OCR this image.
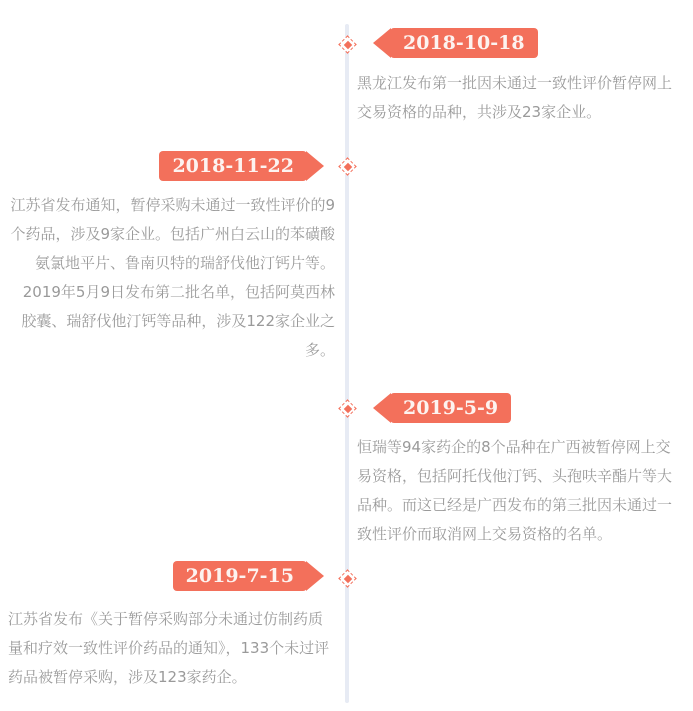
2018-10-18
黑龙江发布第一批因未通过一致性评价暂停网上交易资格的品种，共涉及23家企业。
2018-11-22
江苏省发布通知，暂停采购未通过一致性评价的9个药品，涉及9家企业。包括广州白云山的苯磺酸氨氯地平片、鲁南贝特的瑞舒伐他汀钙片等。2019年5月9日发布第二批名单，包括阿莫西林胶囊、瑞舒伐他汀钙等品种，涉及122家企业之多。
2019-5-9
恒瑞等94家药企的8个品种在广西被暂停网上交易资格，包括阿托伐他汀钙、头孢呋辛酯片等大品种。而这已经是广西发布的第三批因未通过一致性评价而取消网上交易资格的名单。
2019-7-15
江苏省发布《关于暂停采购部分未通过仿制药质量和疗效一致性评价药品的通知》，133个未过评药品被暂停采购，涉及123家药企。
